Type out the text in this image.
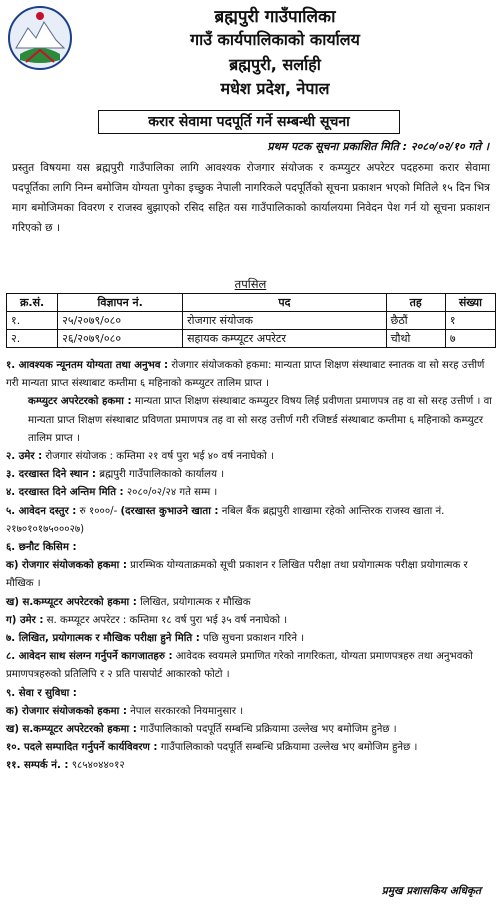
ब्रह्मपुरी गाउँपालिका
गाउँ कार्यपालिकाको कार्यालय
ब्रह्मपुरी, सर्लाही
मधेश प्रदेश, नेपाल
करार सेवामा पदपूर्ति गर्ने सम्बन्धी सूचना
प्रथम पटक सूचना प्रकाशित मिति : २०८०/०२/१० गते ।
प्रस्तुत विषयमा यस ब्रह्मपुरी गाउँपालिका लागि आवश्यक रोजगार संयोजक र कम्प्युटर अपरेटर पदहरुमा करार सेवामा पदपूर्तिका लागि निम्न बमोजिम योग्यता पुगेका इच्छुक नेपाली नागरिकले पदपूर्तिको सूचना प्रकाशन भएको मितिले १५ दिन भित्र माग बमोजिमका विवरण र राजस्व बुझाएको रसिद सहित यस गाउँपालिकाको कार्यालयमा निवेदन पेश गर्न यो सूचना प्रकाशन गरिएको छ ।
तपसिल
क्र.सं.	विज्ञापन नं.	पद	तह	संख्या
१.	२५/२०७९/०८०	रोजगार संयोजक	छैठौं	१
२.	२६/२०७९/०८०	सहायक कम्प्यूटर अपरेटर	चौथो	७

१. आवश्यक न्यूनतम योग्यता तथा अनुभव : रोजगार संयोजकको हकमा: मान्यता प्राप्त शिक्षण संस्थाबाट स्नातक वा सो सरह उत्तीर्ण गरी मान्यता प्राप्त संस्थाबाट कम्तीमा ६ महिनाको कम्प्युटर तालिम प्राप्त ।

कम्प्युटर अपरेटरको हकमा : मान्यता प्राप्त शिक्षण संस्थाबाट कम्प्युटर विषय लिई प्रवीणता प्रमाणपत्र तह वा सो सरह उत्तीर्ण । वा मान्यता प्राप्त शिक्षण संस्थाबाट प्रविणता प्रमाणपत्र तह वा सो सरह उत्तीर्ण गरी रजिष्टर्ड संस्थाबाट कम्तीमा ६ महिनाको कम्प्युटर तालिम प्राप्त ।

२. उमेर : रोजगार संयोजक : कम्तिमा २१ वर्ष पुरा भई ४० वर्ष ननाघेको ।

३. दरखास्त दिने स्थान : ब्रह्मपुरी गाउँपालिकाको कार्यालय ।

४. दरखास्त दिने अन्तिम मिति : २०८०/०२/२४ गते सम्म ।

५. आवेदन दस्तुर : रु १०००/- (दरखास्त कुभाउने खाता : नबिल बैंक ब्रह्मपुरी शाखामा रहेको आन्तिरक राजस्व खाता नं. २१७०१०१७५०००२७)

६. छनौट किसिम :

क) रोजगार संयोजकको हकमा : प्रारम्भिक योग्यताक्रमको सूची प्रकाशन र लिखित परीक्षा तथा प्रयोगात्मक परीक्षा प्रयोगात्मक र मौखिक ।

ख) स.कम्प्यूटर अपरेटरको हकमा : लिखित, प्रयोगात्मक र मौखिक

ग) उमेर : स. कम्प्यूटर अपरेटर : कम्तिमा १८ वर्ष पुरा भई ३५ वर्ष ननाघेको ।

७. लिखित, प्रयोगात्मक र मौखिक परीक्षा हुने मिति : पछि सुचना प्रकाशन गरिने ।

८. आवेदन साथ संलग्न गर्नुपर्ने कागजातहरु : आवेदक स्वयमले प्रमाणित गरेको नागरिकता, योग्यता प्रमाणपत्रहरु तथा अनुभवको प्रमाणपत्रहरुको प्रतिलिपि र २ प्रति पासपोर्ट आकारको फोटो ।

९. सेवा र सुविधा :

क) रोजगार संयोजकको हकमा : नेपाल सरकारको नियमानुसार ।

ख) स.कम्प्यूटर अपरेटरको हकमा : गाउँपालिकाको पदपूर्ति सम्बन्धि प्रक्रियामा उल्लेख भए बमोजिम हुनेछ ।

१०. पदले सम्पादित गर्नुपर्ने कार्यविवरण : गाउँपालिकाको पदपूर्ति सम्बन्धि प्रक्रियामा उल्लेख भए बमोजिम हुनेछ ।

११. सम्पर्क नं. : ९८५४०४४०१२

प्रमुख प्रशासकिय अधिकृत
